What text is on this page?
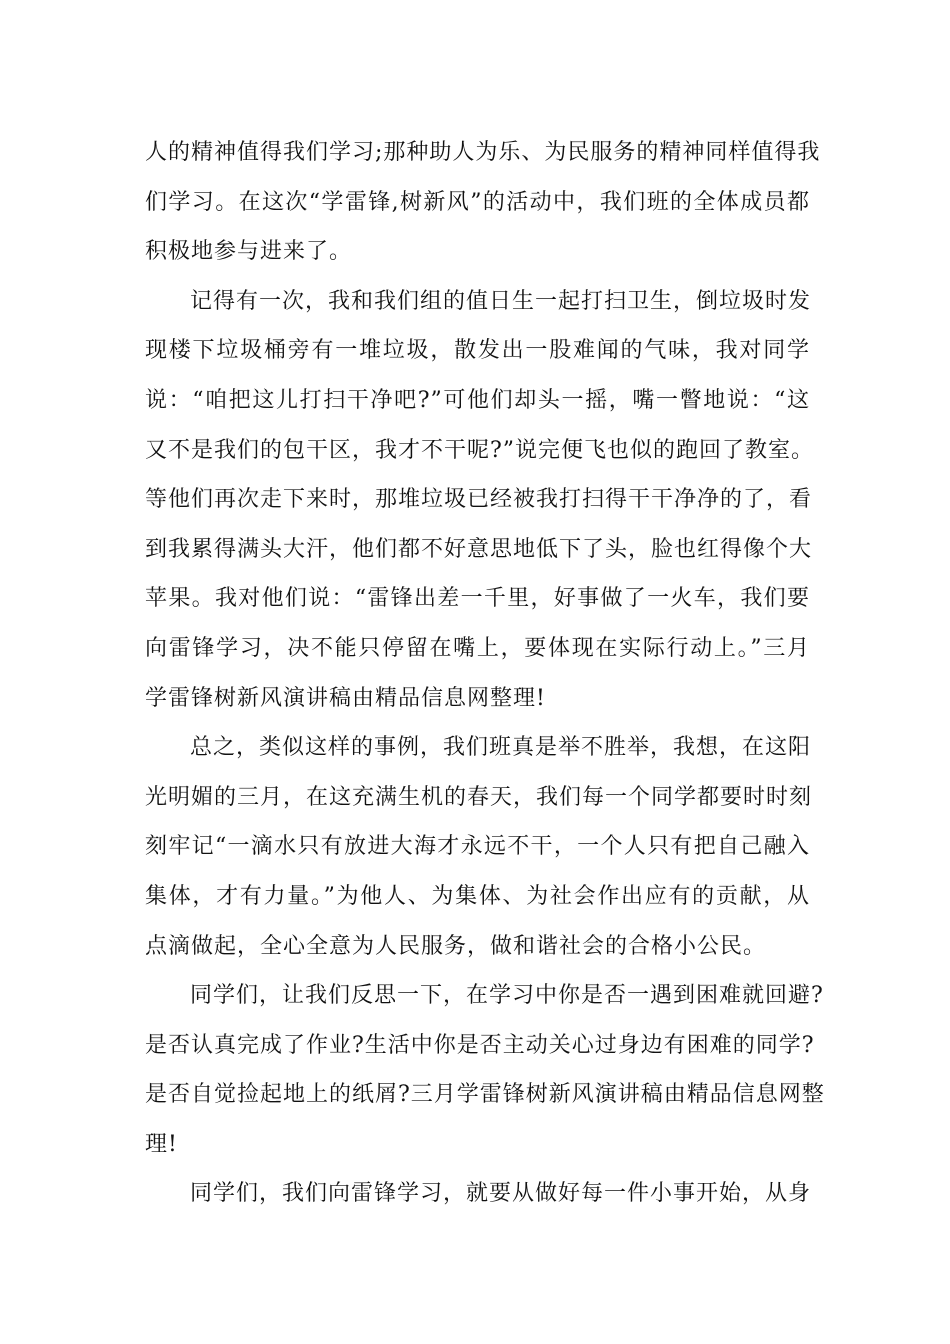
人的精神值得我们学习;那种助人为乐、为民服务的精神同样值得我
们学习。在这次“学雷锋,树新风”的活动中，我们班的全体成员都
积极地参与进来了。
记得有一次，我和我们组的值日生一起打扫卫生，倒垃圾时发
现楼下垃圾桶旁有一堆垃圾，散发出一股难闻的气味，我对同学
说：“咱把这儿打扫干净吧?”可他们却头一摇，嘴一瞥地说：“这
又不是我们的包干区，我才不干呢?”说完便飞也似的跑回了教室。
等他们再次走下来时，那堆垃圾已经被我打扫得干干净净的了，看
到我累得满头大汗，他们都不好意思地低下了头，脸也红得像个大
苹果。我对他们说：“雷锋出差一千里，好事做了一火车，我们要
向雷锋学习，决不能只停留在嘴上，要体现在实际行动上。”三月
学雷锋树新风演讲稿由精品信息网整理!
总之，类似这样的事例，我们班真是举不胜举，我想，在这阳
光明媚的三月，在这充满生机的春天，我们每一个同学都要时时刻
刻牢记“一滴水只有放进大海才永远不干，一个人只有把自己融入
集体，才有力量。”为他人、为集体、为社会作出应有的贡献，从
点滴做起，全心全意为人民服务，做和谐社会的合格小公民。
同学们，让我们反思一下，在学习中你是否一遇到困难就回避?
是否认真完成了作业?生活中你是否主动关心过身边有困难的同学?
是否自觉捡起地上的纸屑?三月学雷锋树新风演讲稿由精品信息网整
理!
同学们，我们向雷锋学习，就要从做好每一件小事开始，从身
